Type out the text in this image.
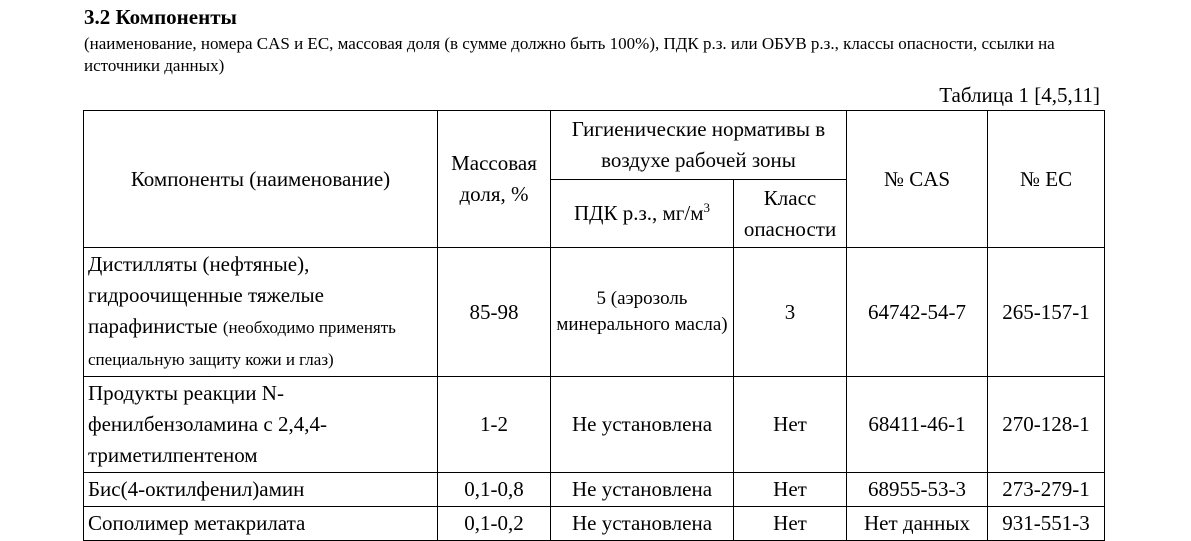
3.2 Компоненты

(наименование, номера CAS и ЕС, массовая доля (в сумме должно быть 100%), ПДК р.з. или ОБУВ р.з., классы опасности, ссылки на источники данных)

Таблица 1 [4,5,11]

Компоненты (наименование)	Массовая доля, %	Гигиенические нормативы в воздухе рабочей зоны		№ CAS	№ ЕС
		ПДК р.з., $мг/м^3$	Класс опасности		
Дистилляты (нефтяные), гидроочищенные тяжелые парафинистые (необходимо применять специальную защиту кожи и глаз)	85-98	5 (аэрозоль минерального масла)	3	64742-54-7	265-157-1
Продукты реакции N-фенилбензоламина с 2,4,4-триметилпентеном	1-2	Не установлена	Нет	68411-46-1	270-128-1
Бис(4-октилфенил)амин	0,1-0,8	Не установлена	Нет	68955-53-3	273-279-1
Сополимер метакрилата	0,1-0,2	Не установлена	Нет	Нет данных	931-551-3
